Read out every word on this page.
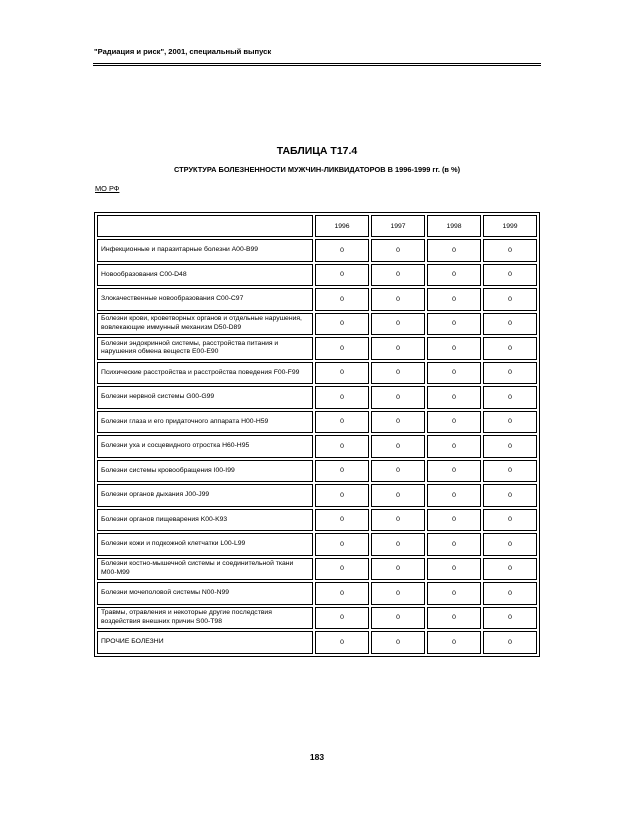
"Радиация и риск", 2001, специальный выпуск
ТАБЛИЦА Т17.4
СТРУКТУРА БОЛЕЗНЕННОСТИ МУЖЧИН-ЛИКВИДАТОРОВ В 1996-1999 гг. (в %)
МО РФ
	1996	1997	1998	1999
Инфекционные и паразитарные болезни A00-B99	0	0	0	0
Новообразования C00-D48	0	0	0	0
Злокачественные новообразования C00-C97	0	0	0	0
Болезни крови, кроветворных органов и отдельные нарушения, вовлекающие иммунный механизм D50-D89	0	0	0	0
Болезни эндокринной системы, расстройства питания и нарушения обмена веществ E00-E90	0	0	0	0
Психические расстройства и расстройства поведения F00-F99	0	0	0	0
Болезни нервной системы G00-G99	0	0	0	0
Болезни глаза и его придаточного аппарата H00-H59	0	0	0	0
Болезни уха и сосцевидного отростка H60-H95	0	0	0	0
Болезни системы кровообращения I00-I99	0	0	0	0
Болезни органов дыхания J00-J99	0	0	0	0
Болезни органов пищеварения K00-K93	0	0	0	0
Болезни кожи и подкожной клетчатки L00-L99	0	0	0	0
Болезни костно-мышечной системы и соединительной ткани M00-M99	0	0	0	0
Болезни мочеполовой системы N00-N99	0	0	0	0
Травмы, отравления и некоторые другие последствия воздействия внешних причин S00-T98	0	0	0	0
ПРОЧИЕ БОЛЕЗНИ	0	0	0	0
183
